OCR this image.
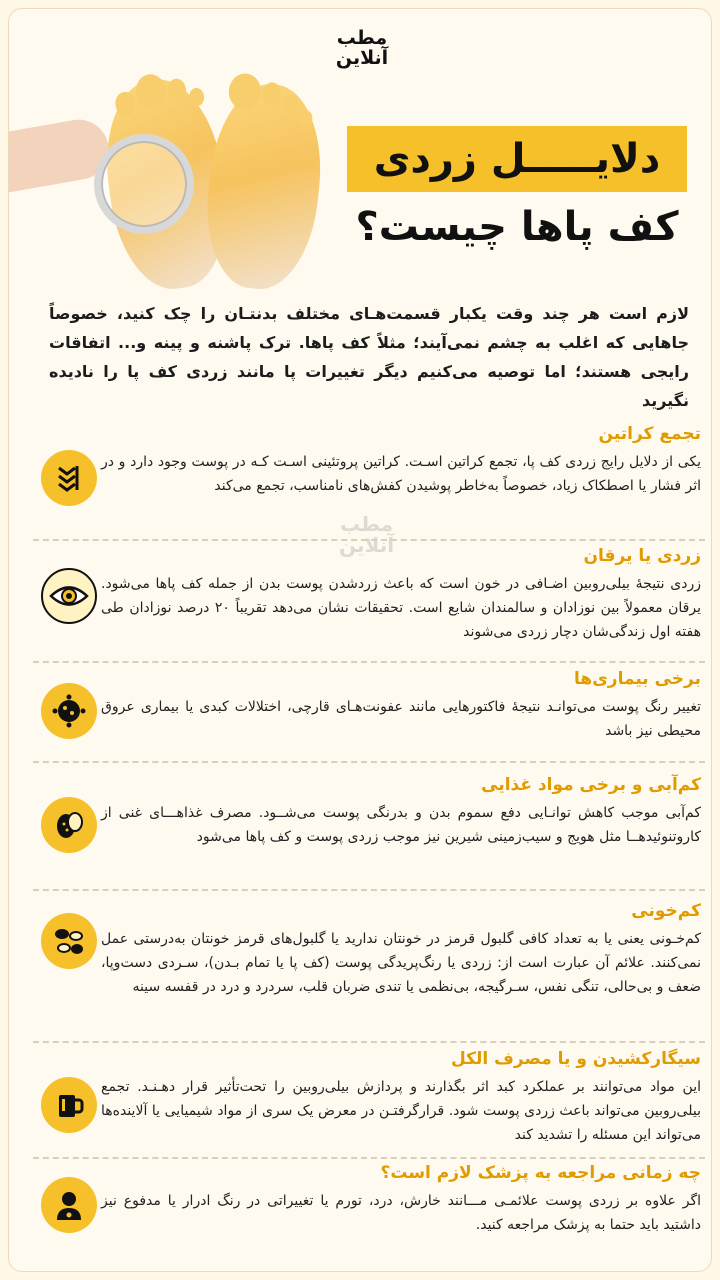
مطب
آنلاین
دلایـــــل زردی
کف پاها چیست؟
لازم است هر چند وقت یکبار قسمت‌هـای مختلف بدنتـان را چک کنید، خصوصاً جاهایی که اغلب به چشم نمی‌آیند؛ مثلاً کف پاها. ترک پاشنه و پینه و... اتفاقات رایجی هستند؛ اما توصیه می‌کنیم دیگر تغییرات پا مانند زردی کف پا را نادیده نگیرید
مطب
آنلاین
تجمع کراتین
یکی از دلایل رایج زردی کف پا، تجمع کراتین اسـت. کراتین پروتئینی اسـت کـه در پوست وجود دارد و در اثر فشار یا اصطکاک زیاد، خصوصاً به‌خاطر پوشیدن کفش‌های نامناسب، تجمع می‌کند
زردی یا یرقان
زردی نتیجۀ بیلی‌روبین اضـافی در خون است که باعث زردشدن پوست بدن از جمله کف پاها می‌شود. یرقان معمولاً بین نوزادان و سالمندان شایع است. تحقیقات نشان می‌دهد تقریباً ۲۰ درصد نوزادان طی هفته اول زندگی‌شان دچار زردی می‌شوند
برخی بیماری‌ها
تغییر رنگ پوست می‌توانـد نتیجۀ فاکتورهایی مانند عفونت‌هـای قارچی، اختلالات کبدی یا بیماری عروق محیطی نیز باشد
کم‌آبی و برخی مواد غذایی
کم‌آبی موجب کاهش توانـایی دفع سموم بدن و بدرنگی پوست می‌شــود. مصرف غذاهـــای غنی از کاروتنوئیدهــا مثل هویج و سیب‌زمینی شیرین نیز موجب زردی پوست و کف پاها می‌شود
کم‌خونی
کم‌خـونی یعنی یا به تعداد کافی گلبول قرمز در خونتان ندارید یا گلبول‌های قرمز خونتان به‌درستی عمل نمی‌کنند. علائم آن عبارت است از: زردی یا رنگ‌پریدگی پوست (کف پا یا تمام بـدن)، سـردی دست‌وپا، ضعف و بی‌حالی، تنگی نفس، سـرگیجه، بی‌نظمی یا تندی ضربان قلب، سردرد و درد در قفسه سینه
سیگارکشیدن و یا مصرف الکل
این مواد می‌توانند بر عملکرد کبد اثر بگذارند و پردازش بیلی‌روبین را تحت‌تأثیر قرار دهـنـد. تجمع بیلی‌روبین می‌تواند باعث زردی پوست شود. قرارگرفتـن در معرض یک سری از مواد شیمیایی یا آلاینده‌ها می‌تواند این مسئله را تشدید کند
چه زمانی مراجعه به پزشک لازم است؟
اگر علاوه بر زردی پوست علائمـی مـــانند خارش، درد، تورم یا تغییراتی در رنگ ادرار یا مدفوع نیز داشتید باید حتما به پزشک مراجعه کنید.
